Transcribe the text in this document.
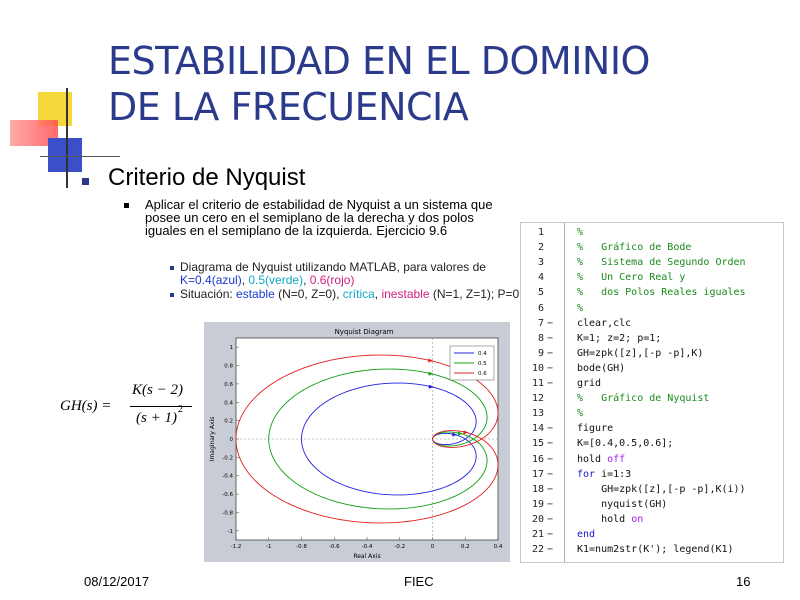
ESTABILIDAD EN EL DOMINIO
DE LA FRECUENCIA
Criterio de Nyquist
Aplicar el criterio de estabilidad de Nyquist a un sistema que posee un cero en el semiplano de la derecha y dos polos iguales en el semiplano de la izquierda. Ejercicio 9.6
Diagrama de Nyquist utilizando MATLAB, para valores de K=0.4(azul), 0.5(verde), 0.6(rojo)
Situación: estable (N=0, Z=0), crítica, inestable (N=1, Z=1); P=0
GH(s) =
K(s − 2)
(s + 1)
2
Nyquist Diagram
Real Axis
Imaginary Axis
-1.2	-1	-0.8	-0.6	-0.4	-0.2	0	0.2	0.4
1
0.8
0.6
0.4
0.2
0
-0.2
-0.4
-0.6
-0.8
-1
0.4
0.5
0.6
1	%
2	%   Gráfico de Bode
3	%   Sistema de Segundo Orden
4	%   Un Cero Real y
5	%   dos Polos Reales iguales
6	%
7 −	clear,clc
8 −	K=1; z=2; p=1;
9 −	GH=zpk([z],[-p -p],K)
10 −	bode(GH)
11 −	grid
12	%   Gráfico de Nyquist
13	%
14 −	figure
15 −	K=[0.4,0.5,0.6];
16 −	hold off
17 −	for i=1:3
18 −	GH=zpk([z],[-p -p],K(i))
19 −	nyquist(GH)
20 −	hold on
21 −	end
22 −	K1=num2str(K'); legend(K1)
08/12/2017	FIEC	16
